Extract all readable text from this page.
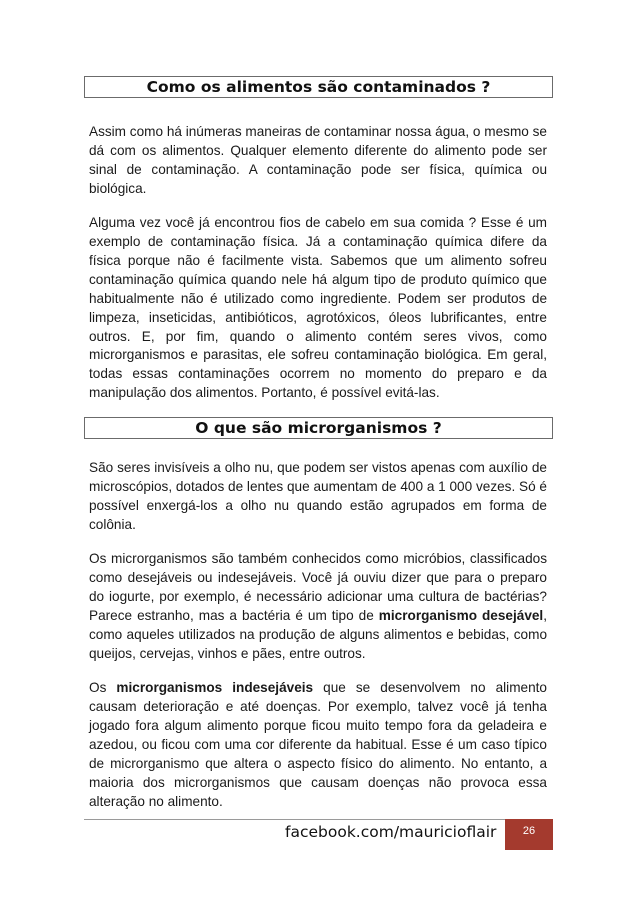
Como os alimentos são contaminados ?

Assim como há inúmeras maneiras de contaminar nossa água, o mesmo se dá com os alimentos. Qualquer elemento diferente do alimento pode ser sinal de contaminação. A contaminação pode ser física, química ou biológica.

Alguma vez você já encontrou fios de cabelo em sua comida ? Esse é um exemplo de contaminação física. Já a contaminação química difere da física porque não é facilmente vista. Sabemos que um alimento sofreu contaminação química quando nele há algum tipo de produto químico que habitualmente não é utilizado como ingrediente. Podem ser produtos de limpeza, inseticidas, antibióticos, agrotóxicos, óleos lubrificantes, entre outros. E, por fim, quando o alimento contém seres vivos, como microrganismos e parasitas, ele sofreu contaminação biológica. Em geral, todas essas contaminações ocorrem no momento do preparo e da manipulação dos alimentos. Portanto, é possível evitá-las.

O que são microrganismos ?

São seres invisíveis a olho nu, que podem ser vistos apenas com auxílio de microscópios, dotados de lentes que aumentam de 400 a 1 000 vezes. Só é possível enxergá-los a olho nu quando estão agrupados em forma de colônia.

Os microrganismos são também conhecidos como micróbios, classificados como desejáveis ou indesejáveis. Você já ouviu dizer que para o preparo do iogurte, por exemplo, é necessário adicionar uma cultura de bactérias? Parece estranho, mas a bactéria é um tipo de microrganismo desejável, como aqueles utilizados na produção de alguns alimentos e bebidas, como queijos, cervejas, vinhos e pães, entre outros.

Os microrganismos indesejáveis que se desenvolvem no alimento causam deterioração e até doenças. Por exemplo, talvez você já tenha jogado fora algum alimento porque ficou muito tempo fora da geladeira e azedou, ou ficou com uma cor diferente da habitual. Esse é um caso típico de microrganismo que altera o aspecto físico do alimento. No entanto, a maioria dos microrganismos que causam doenças não provoca essa alteração no alimento.

facebook.com/mauricioflair 26
